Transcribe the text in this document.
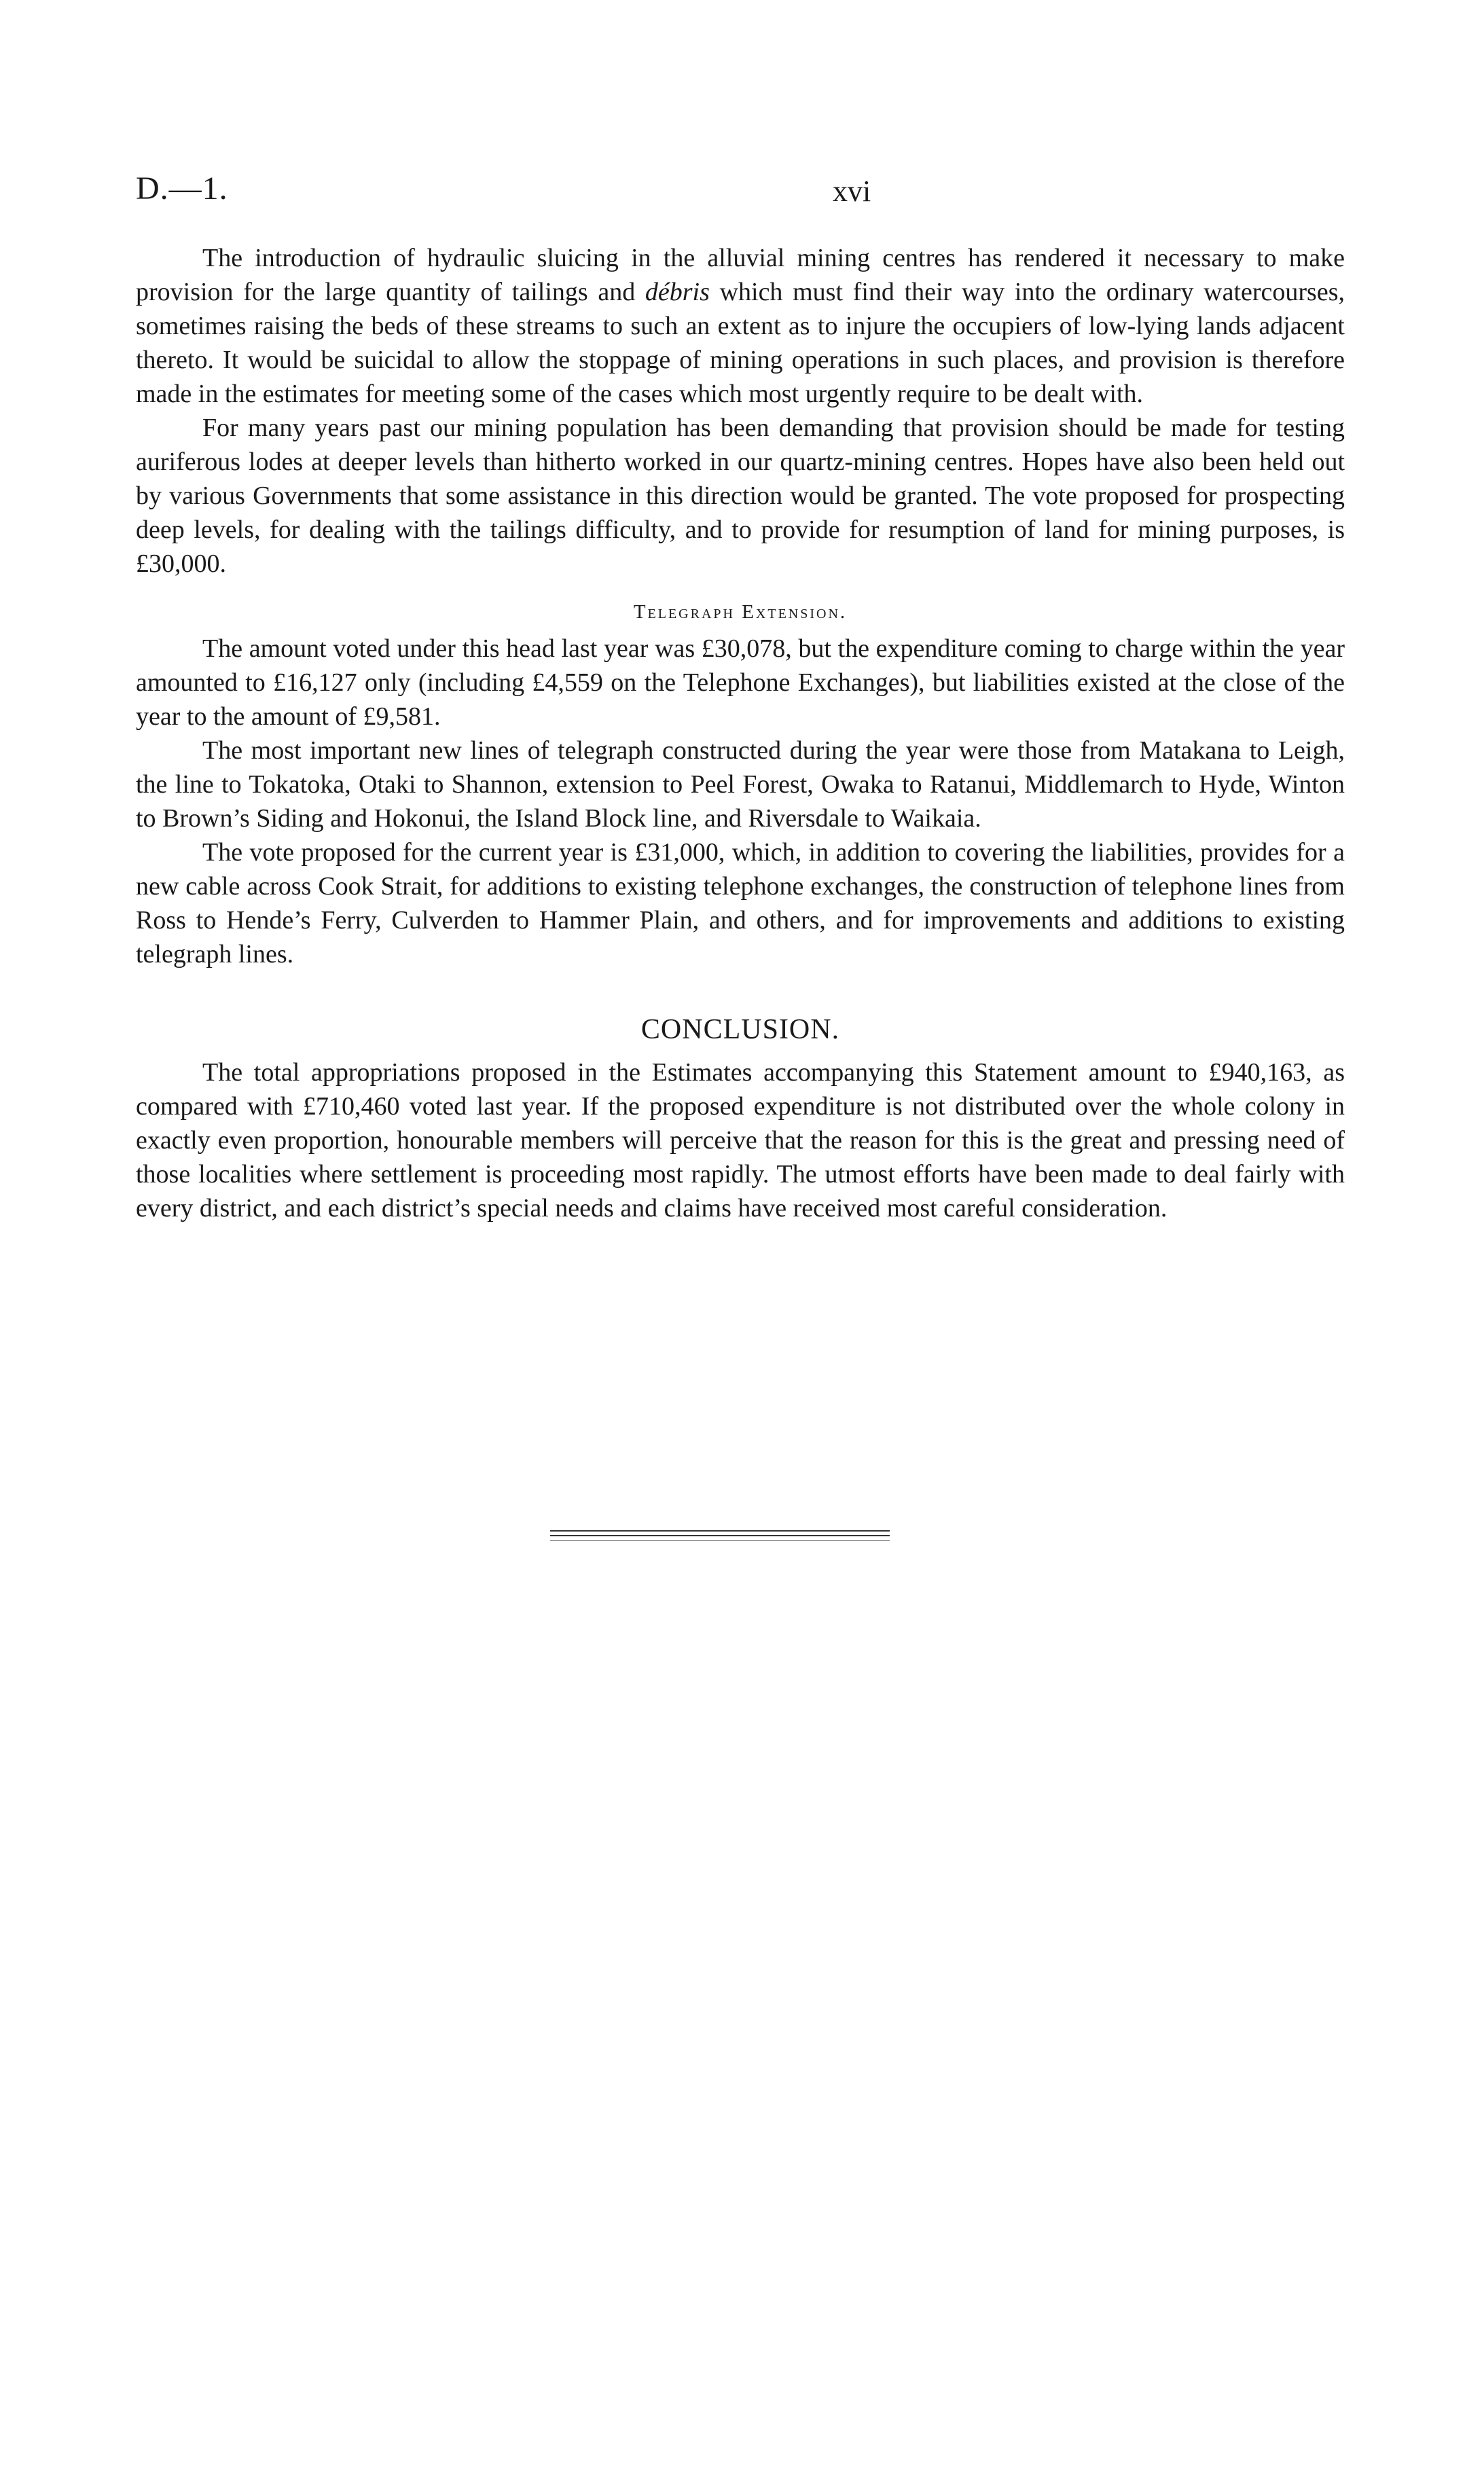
D.—1.	xvi

The introduction of hydraulic sluicing in the alluvial mining centres has rendered it necessary to make provision for the large quantity of tailings and débris which must find their way into the ordinary watercourses, sometimes raising the beds of these streams to such an extent as to injure the occupiers of low-lying lands adjacent thereto. It would be suicidal to allow the stoppage of mining operations in such places, and provision is therefore made in the estimates for meeting some of the cases which most urgently require to be dealt with.

For many years past our mining population has been demanding that provision should be made for testing auriferous lodes at deeper levels than hitherto worked in our quartz-mining centres. Hopes have also been held out by various Governments that some assistance in this direction would be granted. The vote proposed for prospecting deep levels, for dealing with the tailings difficulty, and to provide for resumption of land for mining purposes, is £30,000.

Telegraph Extension.

The amount voted under this head last year was £30,078, but the expenditure coming to charge within the year amounted to £16,127 only (including £4,559 on the Telephone Exchanges), but liabilities existed at the close of the year to the amount of £9,581.

The most important new lines of telegraph constructed during the year were those from Matakana to Leigh, the line to Tokatoka, Otaki to Shannon, extension to Peel Forest, Owaka to Ratanui, Middlemarch to Hyde, Winton to Brown’s Siding and Hokonui, the Island Block line, and Riversdale to Waikaia.

The vote proposed for the current year is £31,000, which, in addition to covering the liabilities, provides for a new cable across Cook Strait, for additions to existing telephone exchanges, the construction of telephone lines from Ross to Hende’s Ferry, Culverden to Hammer Plain, and others, and for improvements and additions to existing telegraph lines.

CONCLUSION.

The total appropriations proposed in the Estimates accompanying this Statement amount to £940,163, as compared with £710,460 voted last year. If the proposed expenditure is not distributed over the whole colony in exactly even proportion, honourable members will perceive that the reason for this is the great and pressing need of those localities where settlement is proceeding most rapidly. The utmost efforts have been made to deal fairly with every district, and each district’s special needs and claims have received most careful consideration.
